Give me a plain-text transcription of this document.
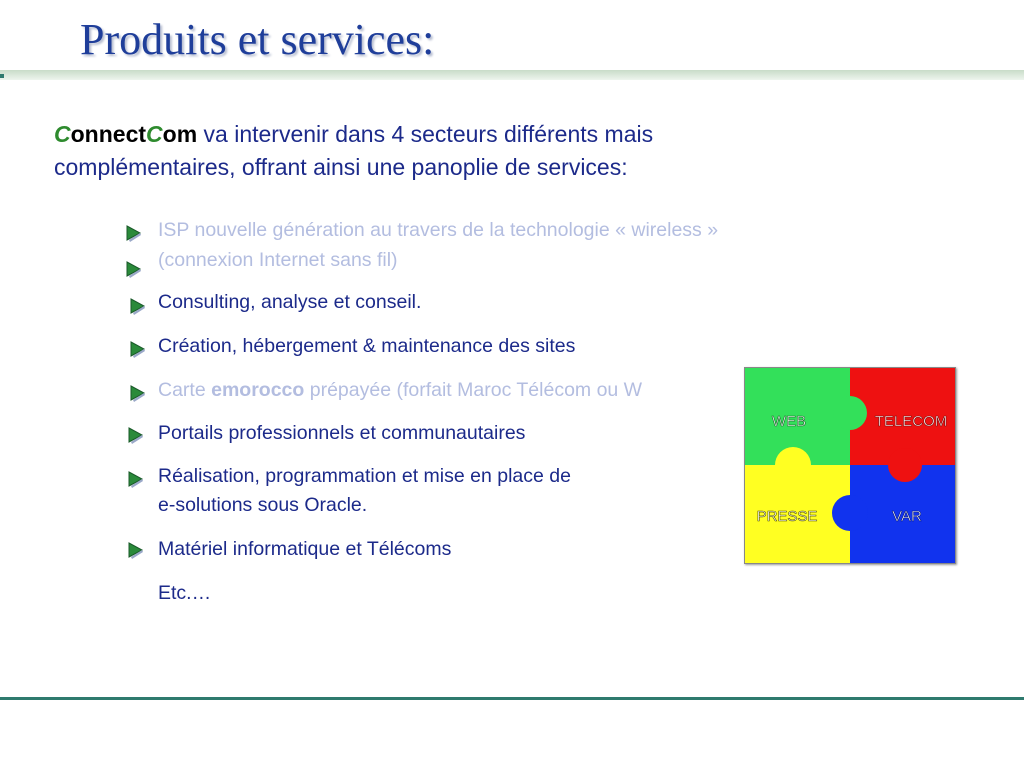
Produits et services:
ConnectCom va intervenir dans 4 secteurs différents mais complémentaires, offrant ainsi une panoplie de services:
ISP nouvelle génération au travers de la technologie « wireless »
(connexion Internet sans fil)
Consulting, analyse et conseil.
Création, hébergement & maintenance des sites
Carte emorocco prépayée (forfait Maroc Télécom ou W
Portails professionnels et communautaires
Réalisation, programmation et mise en place de
e-solutions sous Oracle.
Matériel informatique et Télécoms
Etc.…
WEB	TELECOM
PRESSE	VAR
